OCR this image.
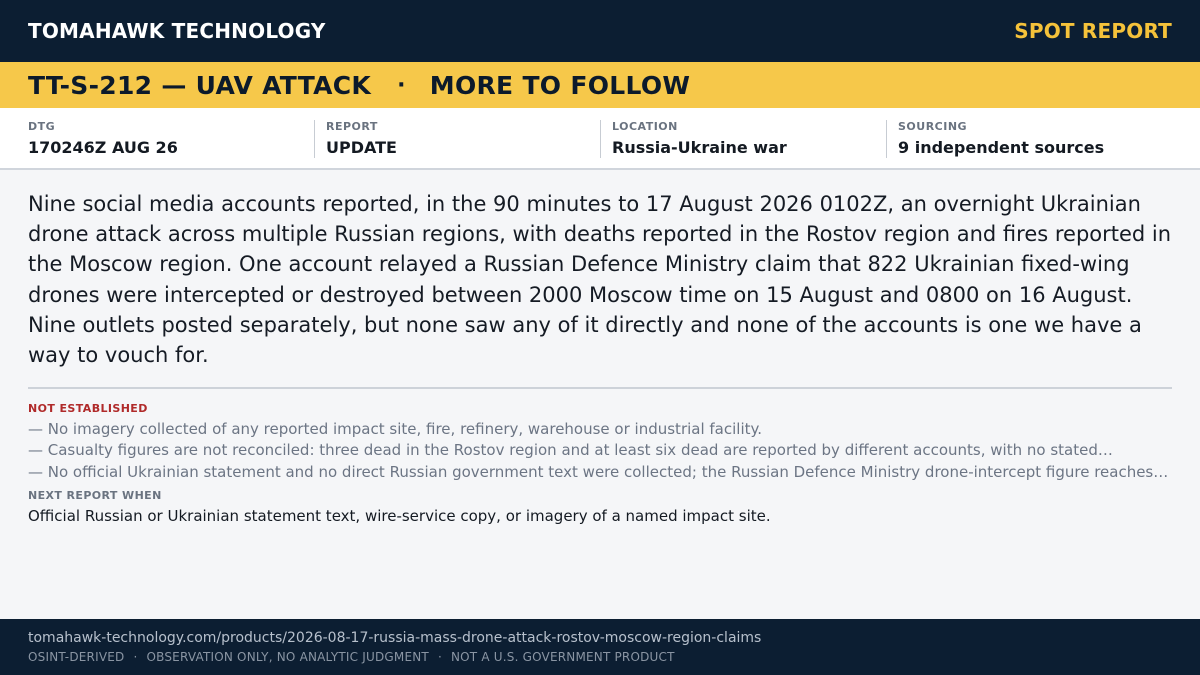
TOMAHAWK TECHNOLOGY	SPOT REPORT
TT-S-212 — UAV ATTACK · MORE TO FOLLOW
DTG
170246Z AUG 26
REPORT
UPDATE
LOCATION
Russia-Ukraine war
SOURCING
9 independent sources

Nine social media accounts reported, in the 90 minutes to 17 August 2026 0102Z, an overnight Ukrainian drone attack across multiple Russian regions, with deaths reported in the Rostov region and fires reported in the Moscow region. One account relayed a Russian Defence Ministry claim that 822 Ukrainian fixed-wing drones were intercepted or destroyed between 2000 Moscow time on 15 August and 0800 on 16 August. Nine outlets posted separately, but none saw any of it directly and none of the accounts is one we have a way to vouch for.

NOT ESTABLISHED
— No imagery collected of any reported impact site, fire, refinery, warehouse or industrial facility.
— Casualty figures are not reconciled: three dead in the Rostov region and at least six dead are reported by different accounts, with no stated…
— No official Ukrainian statement and no direct Russian government text were collected; the Russian Defence Ministry drone-intercept figure reaches…
NEXT REPORT WHEN
Official Russian or Ukrainian statement text, wire-service copy, or imagery of a named impact site.
tomahawk-technology.com/products/2026-08-17-russia-mass-drone-attack-rostov-moscow-region-claims
OSINT-DERIVED · OBSERVATION ONLY, NO ANALYTIC JUDGMENT · NOT A U.S. GOVERNMENT PRODUCT
